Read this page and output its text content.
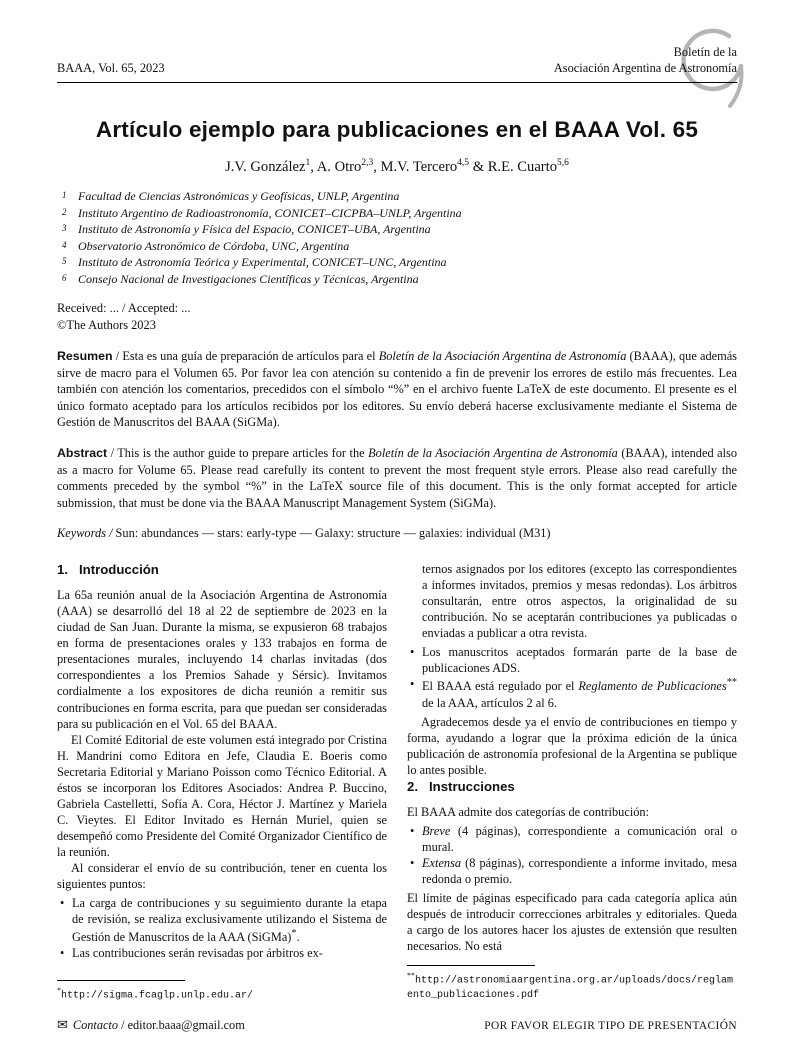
BAAA, Vol. 65, 2023
Boletín de la
Asociación Argentina de Astronomía
Artículo ejemplo para publicaciones en el BAAA Vol. 65
J.V. González$^1$, A. Otro$^{2,3}$, M.V. Tercero$^{4,5}$ & R.E. Cuarto$^{5,6}$
1 Facultad de Ciencias Astronómicas y Geofísicas, UNLP, Argentina
2 Instituto Argentino de Radioastronomía, CONICET–CICPBA–UNLP, Argentina
3 Instituto de Astronomía y Física del Espacio, CONICET–UBA, Argentina
4 Observatorio Astronómico de Córdoba, UNC, Argentina
5 Instituto de Astronomía Teórica y Experimental, CONICET–UNC, Argentina
6 Consejo Nacional de Investigaciones Científicas y Técnicas, Argentina
Received: ... / Accepted: ...
©The Authors 2023

Resumen / Esta es una guía de preparación de artículos para el Boletín de la Asociación Argentina de Astronomía (BAAA), que además sirve de macro para el Volumen 65. Por favor lea con atención su contenido a fin de prevenir los errores de estilo más frecuentes. Lea también con atención los comentarios, precedidos con el símbolo “%” en el archivo fuente LaTeX de este documento. El presente es el único formato aceptado para los artículos recibidos por los editores. Su envío deberá hacerse exclusivamente mediante el Sistema de Gestión de Manuscritos del BAAA (SiGMa).

Abstract / This is the author guide to prepare articles for the Boletín de la Asociación Argentina de Astronomía (BAAA), intended also as a macro for Volume 65. Please read carefully its content to prevent the most frequent style errors. Please also read carefully the comments preceded by the symbol “%” in the LaTeX source file of this document. This is the only format accepted for article submission, that must be done via the BAAA Manuscript Management System (SiGMa).

Keywords / Sun: abundances — stars: early-type — Galaxy: structure — galaxies: individual (M31)

1. Introducción

La 65a reunión anual de la Asociación Argentina de Astronomía (AAA) se desarrolló del 18 al 22 de septiembre de 2023 en la ciudad de San Juan. Durante la misma, se expusieron 68 trabajos en forma de presentaciones orales y 133 trabajos en forma de presentaciones murales, incluyendo 14 charlas invitadas (dos correspondientes a los Premios Sahade y Sérsic). Invitamos cordialmente a los expositores de dicha reunión a remitir sus contribuciones en forma escrita, para que puedan ser consideradas para su publicación en el Vol. 65 del BAAA.

El Comité Editorial de este volumen está integrado por Cristina H. Mandrini como Editora en Jefe, Claudia E. Boeris como Secretaria Editorial y Mariano Poisson como Técnico Editorial. A éstos se incorporan los Editores Asociados: Andrea P. Buccino, Gabriela Castelletti, Sofía A. Cora, Héctor J. Martínez y Mariela C. Vieytes. El Editor Invitado es Hernán Muriel, quien se desempeñó como Presidente del Comité Organizador Científico de la reunión.

Al considerar el envío de su contribución, tener en cuenta los siguientes puntos:

• La carga de contribuciones y su seguimiento durante la etapa de revisión, se realiza exclusivamente utilizando el Sistema de Gestión de Manuscritos de la AAA (SiGMa)*.
• Las contribuciones serán revisadas por árbitros ex-
*http://sigma.fcaglp.unlp.edu.ar/

ternos asignados por los editores (excepto las correspondientes a informes invitados, premios y mesas redondas). Los árbitros consultarán, entre otros aspectos, la originalidad de su contribución. No se aceptarán contribuciones ya publicadas o enviadas a publicar a otra revista.

• Los manuscritos aceptados formarán parte de la base de publicaciones ADS.
• El BAAA está regulado por el Reglamento de Publicaciones** de la AAA, artículos 2 al 6.

Agradecemos desde ya el envío de contribuciones en tiempo y forma, ayudando a lograr que la próxima edición de la única publicación de astronomía profesional de la Argentina se publique lo antes posible.

2. Instrucciones

El BAAA admite dos categorías de contribución:

• Breve (4 páginas), correspondiente a comunicación oral o mural.
• Extensa (8 páginas), correspondiente a informe invitado, mesa redonda o premio.

El límite de páginas especificado para cada categoría aplica aún después de introducir correcciones arbitrales y editoriales. Queda a cargo de los autores hacer los ajustes de extensión que resulten necesarios. No está

**http://astronomiaargentina.org.ar/uploads/docs/reglamento_publicaciones.pdf
✉ Contacto / editor.baaa@gmail.com	POR FAVOR ELEGIR TIPO DE PRESENTACIÓN
